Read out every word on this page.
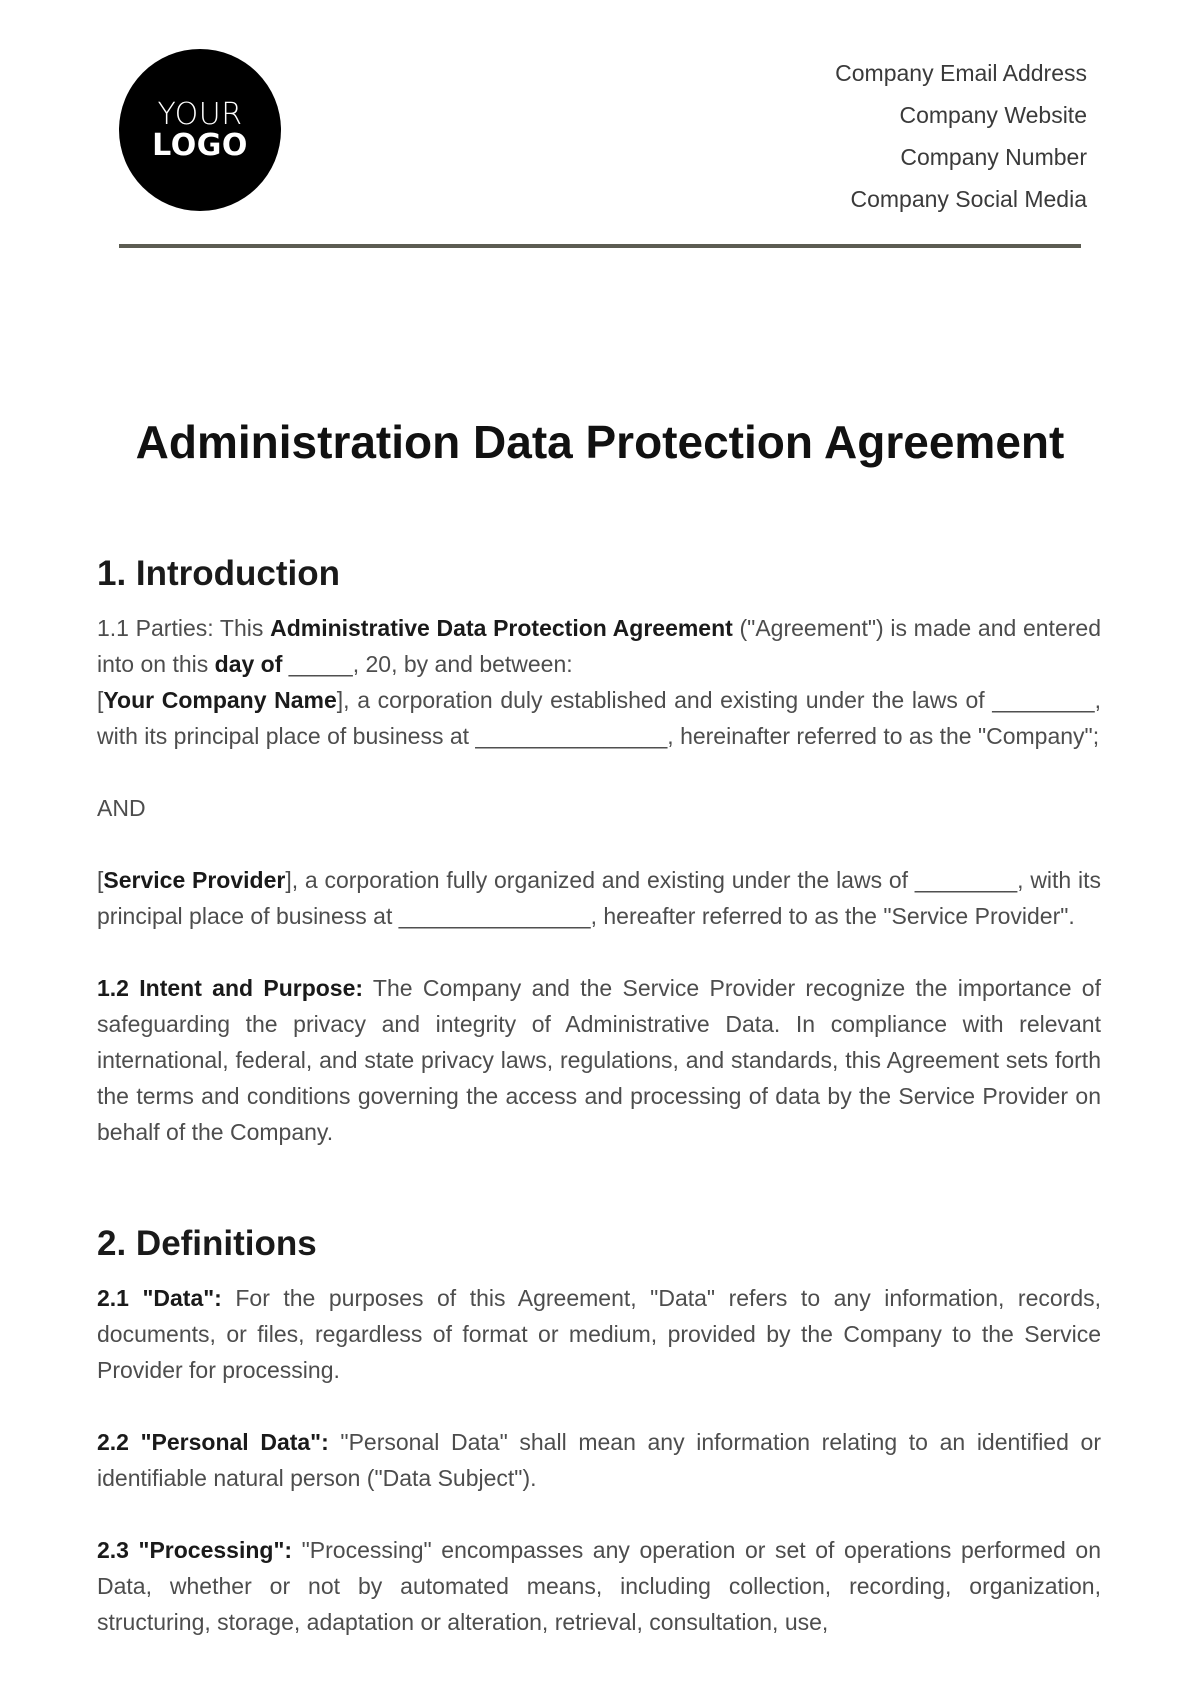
YOUR
LOGO
Company Email Address
Company Website
Company Number
Company Social Media
Administration Data Protection Agreement
1. Introduction

1.1 Parties: This Administrative Data Protection Agreement ("Agreement") is made and entered into on this day of _____, 20, by and between:

[Your Company Name], a corporation duly established and existing under the laws of ________, with its principal place of business at _______________, hereinafter referred to as the "Company";

AND

[Service Provider], a corporation fully organized and existing under the laws of ________, with its principal place of business at _______________, hereafter referred to as the "Service Provider".

1.2 Intent and Purpose: The Company and the Service Provider recognize the importance of safeguarding the privacy and integrity of Administrative Data. In compliance with relevant international, federal, and state privacy laws, regulations, and standards, this Agreement sets forth the terms and conditions governing the access and processing of data by the Service Provider on behalf of the Company.

2. Definitions

2.1 "Data": For the purposes of this Agreement, "Data" refers to any information, records, documents, or files, regardless of format or medium, provided by the Company to the Service Provider for processing.

2.2 "Personal Data": "Personal Data" shall mean any information relating to an identified or identifiable natural person ("Data Subject").

2.3 "Processing": "Processing" encompasses any operation or set of operations performed on Data, whether or not by automated means, including collection, recording, organization, structuring, storage, adaptation or alteration, retrieval, consultation, use,
